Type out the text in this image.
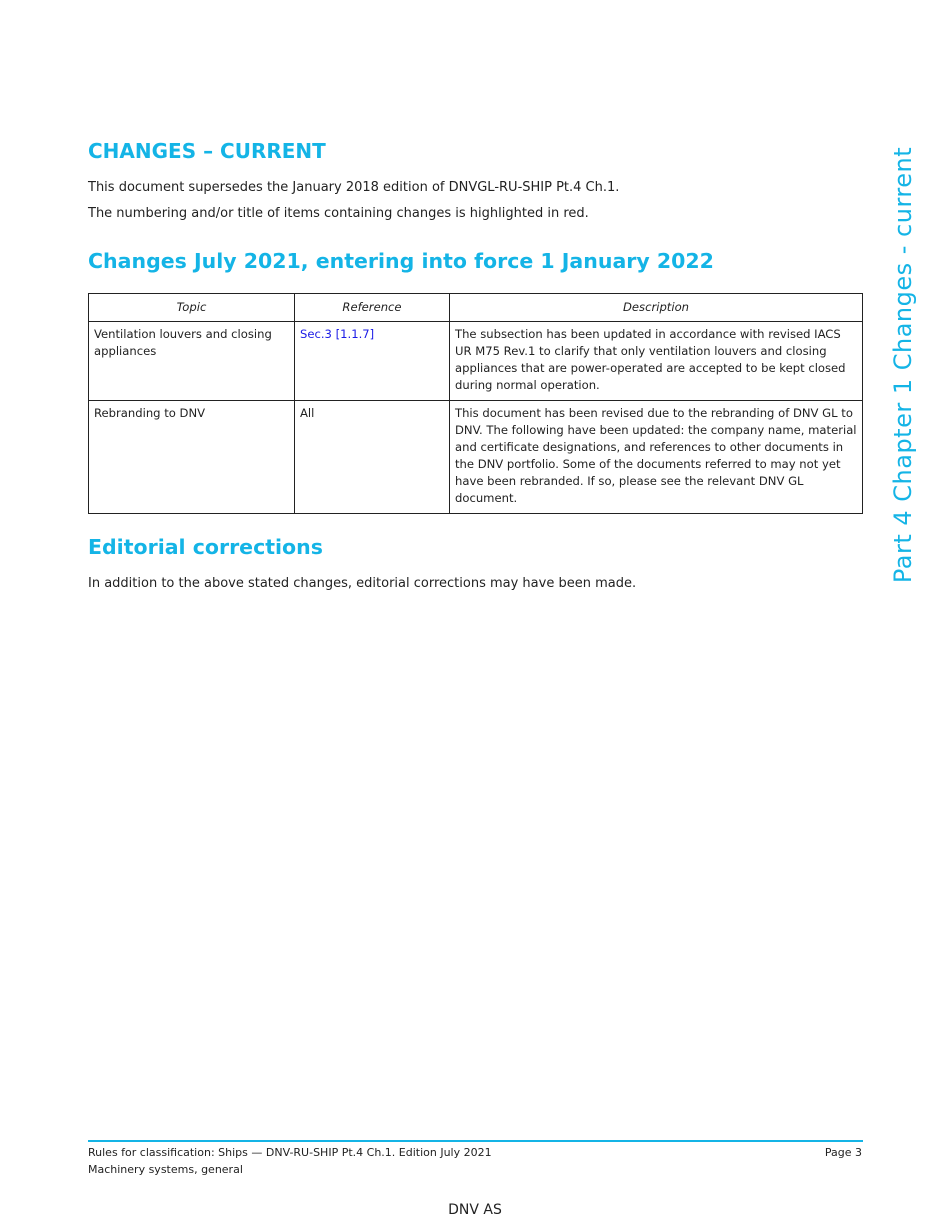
CHANGES – CURRENT

This document supersedes the January 2018 edition of DNVGL-RU-SHIP Pt.4 Ch.1.

The numbering and/or title of items containing changes is highlighted in red.

Changes July 2021, entering into force 1 January 2022
Topic	Reference	Description
Ventilation louvers and closing appliances	Sec.3 [1.1.7]	The subsection has been updated in accordance with revised IACS UR M75 Rev.1 to clarify that only ventilation louvers and closing appliances that are power-operated are accepted to be kept closed during normal operation.
Rebranding to DNV	All	This document has been revised due to the rebranding of DNV GL to DNV. The following have been updated: the company name, material and certificate designations, and references to other documents in the DNV portfolio. Some of the documents referred to may not yet have been rebranded. If so, please see the relevant DNV GL document.
Editorial corrections

In addition to the above stated changes, editorial corrections may have been made.

Part 4 Chapter 1 Changes - current
Rules for classification: Ships — DNV-RU-SHIP Pt.4 Ch.1. Edition July 2021
Machinery systems, general
Page 3
DNV AS
